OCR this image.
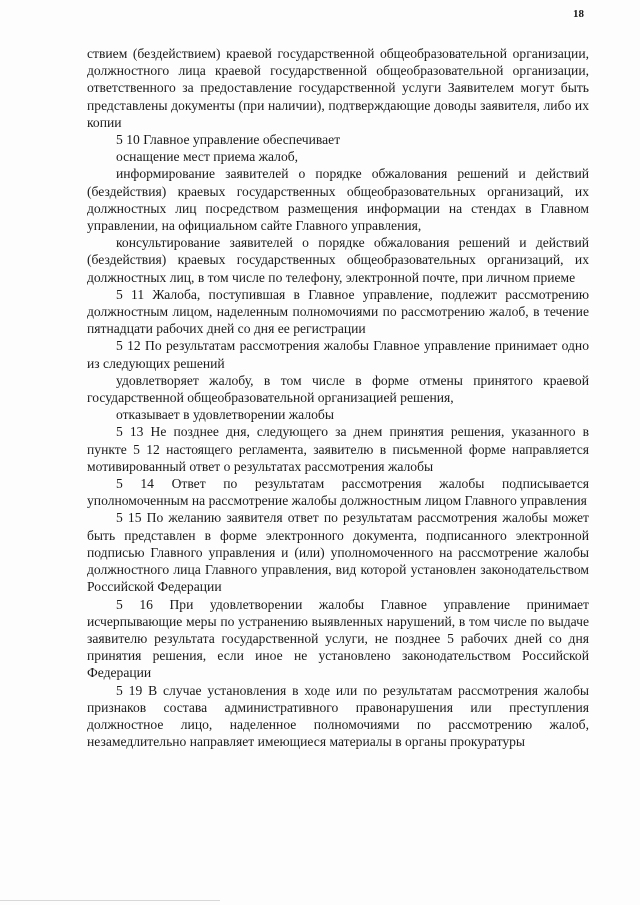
18

ствием (бездействием) краевой государственной общеобразовательной организации, должностного лица краевой государственной общеобразовательной организации, ответственного за предоставление государственной услуги Заявителем могут быть представлены документы (при наличии), подтверждающие доводы заявителя, либо их копии

5 10 Главное управление обеспечивает

оснащение мест приема жалоб,

информирование заявителей о порядке обжалования решений и действий (бездействия) краевых государственных общеобразовательных организаций, их должностных лиц посредством размещения информации на стендах в Главном управлении, на официальном сайте Главного управления,

консультирование заявителей о порядке обжалования решений и действий (бездействия) краевых государственных общеобразовательных организаций, их должностных лиц, в том числе по телефону, электронной почте, при личном приеме

5 11 Жалоба, поступившая в Главное управление, подлежит рассмотрению должностным лицом, наделенным полномочиями по рассмотрению жалоб, в течение пятнадцати рабочих дней со дня ее регистрации

5 12 По результатам рассмотрения жалобы Главное управление принимает одно из следующих решений

удовлетворяет жалобу, в том числе в форме отмены принятого краевой государственной общеобразовательной организацией решения,

отказывает в удовлетворении жалобы

5 13 Не позднее дня, следующего за днем принятия решения, указанного в пункте 5 12 настоящего регламента, заявителю в письменной форме направляется мотивированный ответ о результатах рассмотрения жалобы

5 14 Ответ по результатам рассмотрения жалобы подписывается уполномоченным на рассмотрение жалобы должностным лицом Главного управления

5 15 По желанию заявителя ответ по результатам рассмотрения жалобы может быть представлен в форме электронного документа, подписанного электронной подписью Главного управления и (или) уполномоченного на рассмотрение жалобы должностного лица Главного управления, вид которой установлен законодательством Российской Федерации

5 16 При удовлетворении жалобы Главное управление принимает исчерпывающие меры по устранению выявленных нарушений, в том числе по выдаче заявителю результата государственной услуги, не позднее 5 рабочих дней со дня принятия решения, если иное не установлено законодательством Российской Федерации

5 19 В случае установления в ходе или по результатам рассмотрения жалобы признаков состава административного правонарушения или преступления должностное лицо, наделенное полномочиями по рассмотрению жалоб, незамедлительно направляет имеющиеся материалы в органы прокуратуры
